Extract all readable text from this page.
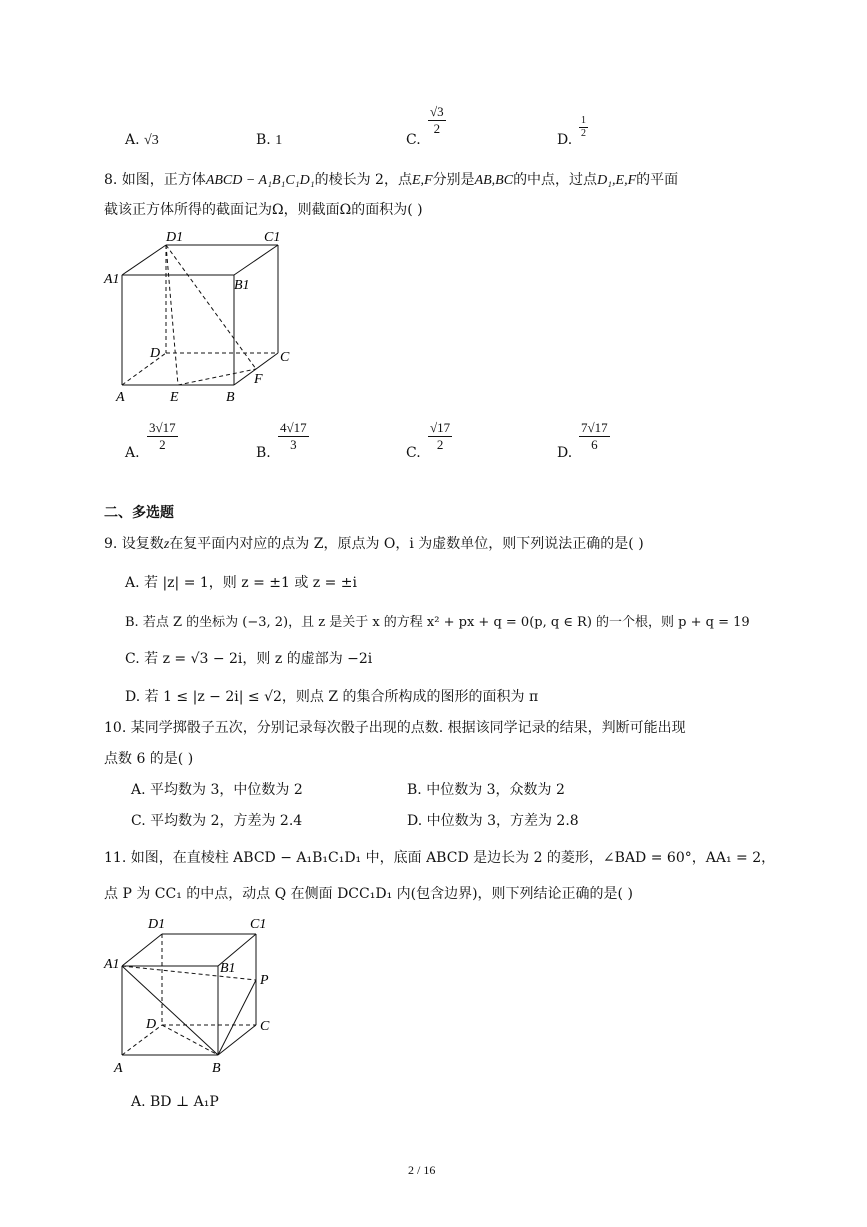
A. √3	B. 1	C.
$\frac{√3}{2}$
D. $\frac{1}{2}$
8. 如图，正方体ABCD − A₁B₁C₁D₁的棱长为 2，点E,F分别是AB,BC的中点，过点D₁,E,F的平面
截该正方体所得的截面记为Ω，则截面Ω的面积为( )
D1	C1
A1	B1
D	C
A	E	B
F
A. $\frac{3√17}{2}$	B. $\frac{4√17}{3}$	C. $\frac{√17}{2}$	D. $\frac{7√17}{6}$
二、多选题
9. 设复数z在复平面内对应的点为 Z，原点为 O，i 为虚数单位，则下列说法正确的是( )
A. 若 |z| = 1，则 z = ±1 或 z = ±i
B. 若点 Z 的坐标为 (−3, 2)，且 z 是关于 x 的方程 x² + px + q = 0(p, q ∈ R) 的一个根，则 p + q = 19
C. 若 z = √3 − 2i，则 z 的虚部为 −2i
D. 若 1 ≤ |z − 2i| ≤ √2，则点 Z 的集合所构成的图形的面积为 π
10. 某同学掷骰子五次，分别记录每次骰子出现的点数. 根据该同学记录的结果，判断可能出现
点数 6 的是( )
A. 平均数为 3，中位数为 2	B. 中位数为 3，众数为 2
C. 平均数为 2，方差为 2.4	D. 中位数为 3，方差为 2.8
11. 如图，在直棱柱 ABCD − A₁B₁C₁D₁ 中，底面 ABCD 是边长为 2 的菱形，∠BAD = 60°，AA₁ = 2，
点 P 为 CC₁ 的中点，动点 Q 在侧面 DCC₁D₁ 内(包含边界)，则下列结论正确的是( )
D1	C1
A1	B1
P
D	C
A	B
A. BD ⊥ A₁P
2 / 16
